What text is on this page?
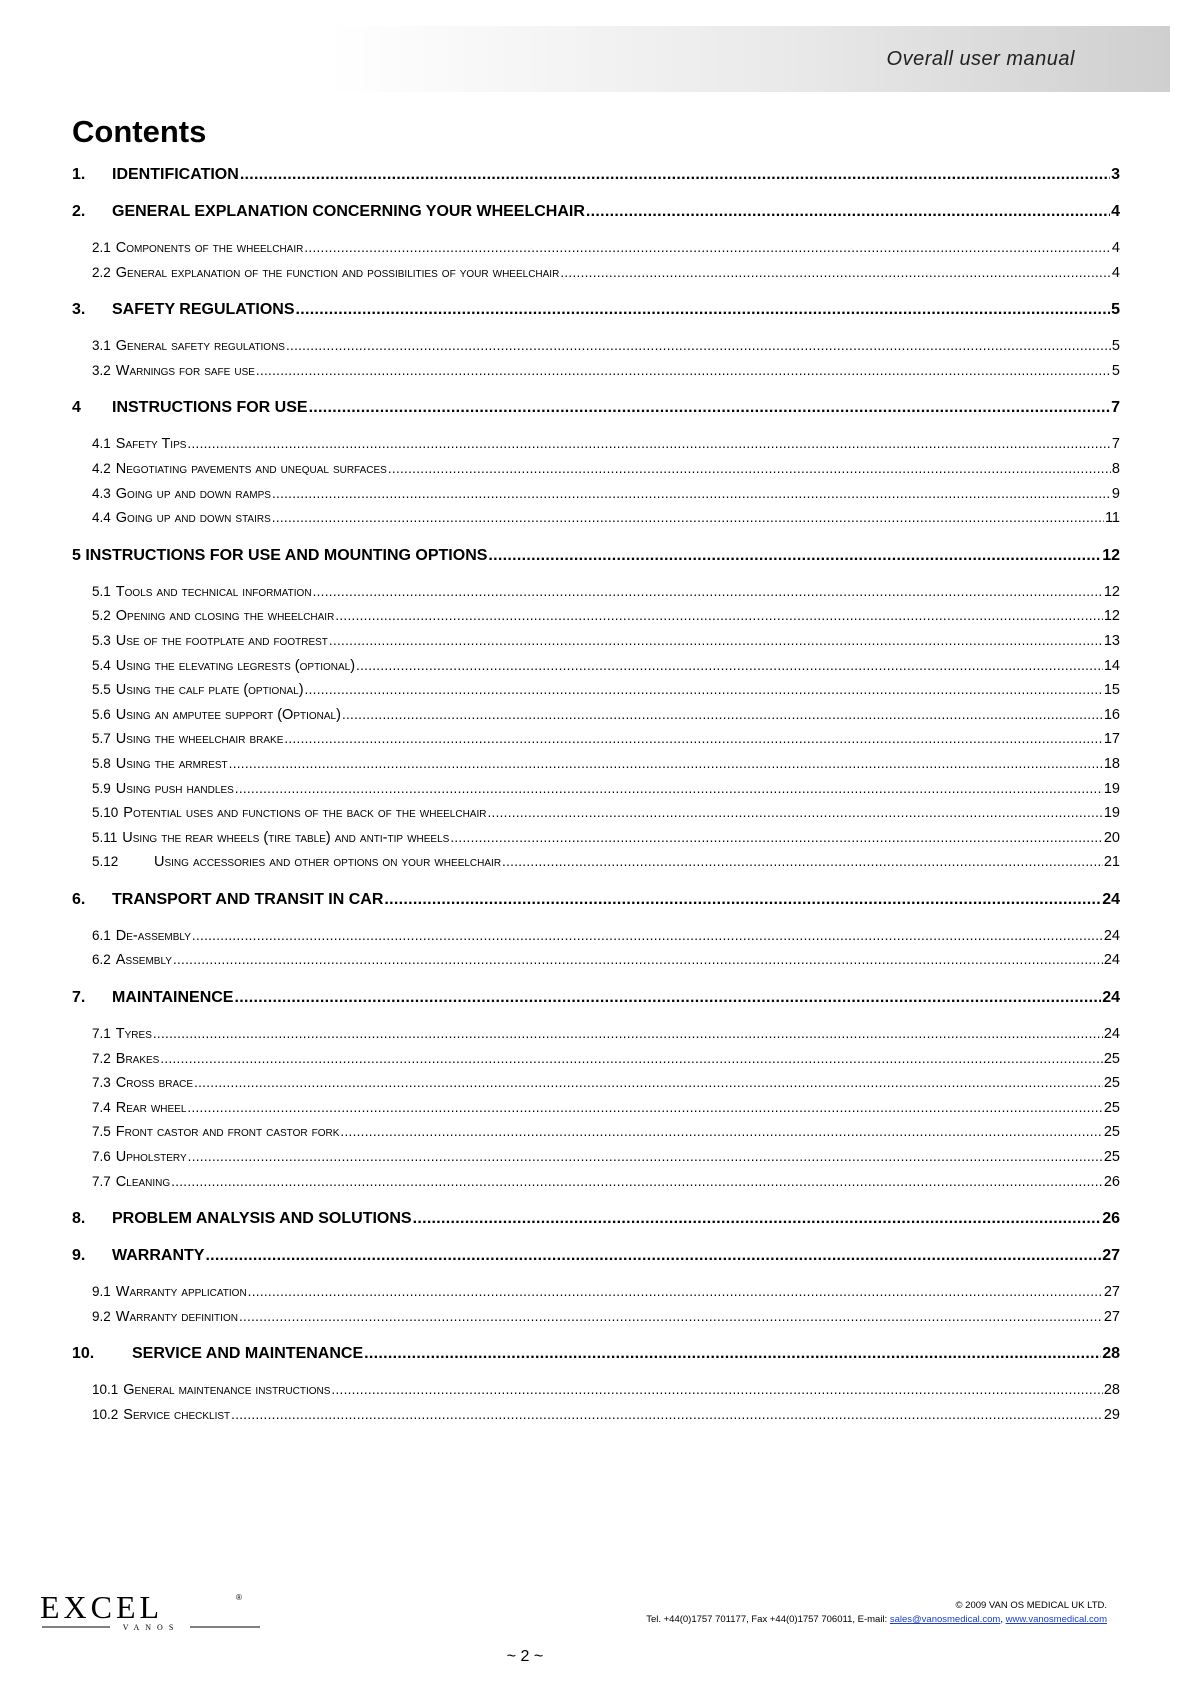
Overall user manual
Contents
1.	IDENTIFICATION .....	3
2.	GENERAL EXPLANATION CONCERNING YOUR WHEELCHAIR .....	4
2.1 Components of the wheelchair .....	4
2.2 General explanation of the function and possibilities of your wheelchair .....	4
3.	SAFETY REGULATIONS .....	5
3.1 General safety regulations .....	5
3.2 Warnings for safe use .....	5
4	INSTRUCTIONS FOR USE .....	7
4.1 Safety Tips .....	7
4.2 Negotiating pavements and unequal surfaces .....	8
4.3 Going up and down ramps .....	9
4.4 Going up and down stairs .....	11
5 INSTRUCTIONS FOR USE AND MOUNTING OPTIONS .....	12
5.1 Tools and technical information .....	12
5.2 Opening and closing the wheelchair .....	12
5.3 Use of the footplate and footrest .....	13
5.4 Using the elevating legrests (optional) .....	14
5.5 Using the calf plate (optional) .....	15
5.6 Using an amputee support (Optional) .....	16
5.7 Using the wheelchair brake .....	17
5.8 Using the armrest .....	18
5.9 Using push handles .....	19
5.10 Potential uses and functions of the back of the wheelchair .....	19
5.11 Using the rear wheels (tire table) and anti-tip wheels .....	20
5.12	Using accessories and other options on your wheelchair .....	21
6.	TRANSPORT AND TRANSIT IN CAR .....	24
6.1 De-assembly .....	24
6.2 Assembly .....	24
7.	MAINTAINENCE .....	24
7.1 Tyres .....	24
7.2 Brakes .....	25
7.3 Cross brace .....	25
7.4 Rear wheel .....	25
7.5 Front castor and front castor fork .....	25
7.6 Upholstery .....	25
7.7 Cleaning .....	26
8.	PROBLEM ANALYSIS AND SOLUTIONS .....	26
9.	WARRANTY .....	27
9.1 Warranty application .....	27
9.2 Warranty definition .....	27
10.	SERVICE AND MAINTENANCE .....	28
10.1 General maintenance instructions .....	28
10.2 Service checklist .....	29
EXCEL	®
VANOS
© 2009 VAN OS MEDICAL UK LTD.
Tel. +44(0)1757 701177, Fax +44(0)1757 706011, E-mail: sales@vanosmedical.com, www.vanosmedical.com
~ 2 ~
